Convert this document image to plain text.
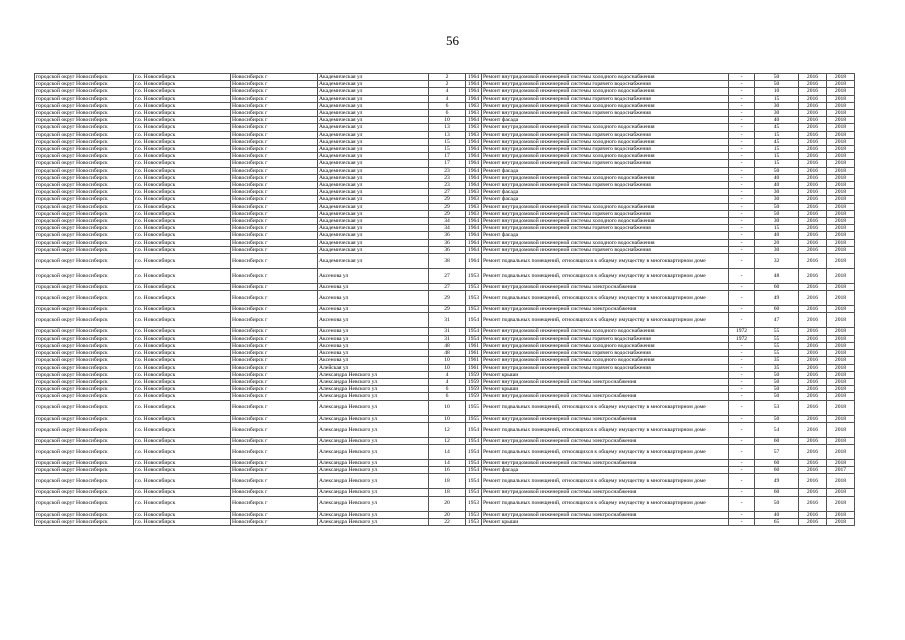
56
городской округ Новосибирск	г.о. Новосибирск	Новосибирск г	Академическая ул	2	1964	Ремонт внутридомовой инженерной системы холодного водоснабжения	-	50	2016	2018
городской округ Новосибирск	г.о. Новосибирск	Новосибирск г	Академическая ул	2	1964	Ремонт внутридомовой инженерной системы горячего водоснабжения	-	50	2016	2018
городской округ Новосибирск	г.о. Новосибирск	Новосибирск г	Академическая ул	4	1964	Ремонт внутридомовой инженерной системы холодного водоснабжения	-	10	2016	2018
городской округ Новосибирск	г.о. Новосибирск	Новосибирск г	Академическая ул	4	1964	Ремонт внутридомовой инженерной системы горячего водоснабжения	-	15	2016	2018
городской округ Новосибирск	г.о. Новосибирск	Новосибирск г	Академическая ул	6	1963	Ремонт внутридомовой инженерной системы холодного водоснабжения	-	30	2016	2018
городской округ Новосибирск	г.о. Новосибирск	Новосибирск г	Академическая ул	6	1963	Ремонт внутридомовой инженерной системы горячего водоснабжения	-	30	2016	2018
городской округ Новосибирск	г.о. Новосибирск	Новосибирск г	Академическая ул	10	1964	Ремонт фасада	-	40	2016	2018
городской округ Новосибирск	г.о. Новосибирск	Новосибирск г	Академическая ул	13	1963	Ремонт внутридомовой инженерной системы холодного водоснабжения	-	45	2016	2018
городской округ Новосибирск	г.о. Новосибирск	Новосибирск г	Академическая ул	13	1963	Ремонт внутридомовой инженерной системы горячего водоснабжения	-	15	2016	2018
городской округ Новосибирск	г.о. Новосибирск	Новосибирск г	Академическая ул	15	1964	Ремонт внутридомовой инженерной системы холодного водоснабжения	-	45	2016	2018
городской округ Новосибирск	г.о. Новосибирск	Новосибирск г	Академическая ул	15	1964	Ремонт внутридомовой инженерной системы горячего водоснабжения	-	15	2016	2018
городской округ Новосибирск	г.о. Новосибирск	Новосибирск г	Академическая ул	17	1964	Ремонт внутридомовой инженерной системы холодного водоснабжения	-	15	2016	2018
городской округ Новосибирск	г.о. Новосибирск	Новосибирск г	Академическая ул	17	1964	Ремонт внутридомовой инженерной системы горячего водоснабжения	-	15	2016	2018
городской округ Новосибирск	г.о. Новосибирск	Новосибирск г	Академическая ул	23	1964	Ремонт фасада	-	50	2016	2018
городской округ Новосибирск	г.о. Новосибирск	Новосибирск г	Академическая ул	23	1964	Ремонт внутридомовой инженерной системы холодного водоснабжения	-	40	2016	2018
городской округ Новосибирск	г.о. Новосибирск	Новосибирск г	Академическая ул	23	1964	Ремонт внутридомовой инженерной системы горячего водоснабжения	-	40	2016	2018
городской округ Новосибирск	г.о. Новосибирск	Новосибирск г	Академическая ул	27	1963	Ремонт фасада	-	30	2016	2018
городской округ Новосибирск	г.о. Новосибирск	Новосибирск г	Академическая ул	29	1963	Ремонт фасада	-	30	2016	2018
городской округ Новосибирск	г.о. Новосибирск	Новосибирск г	Академическая ул	29	1963	Ремонт внутридомовой инженерной системы холодного водоснабжения	-	50	2016	2018
городской округ Новосибирск	г.о. Новосибирск	Новосибирск г	Академическая ул	29	1963	Ремонт внутридомовой инженерной системы горячего водоснабжения	-	50	2016	2018
городской округ Новосибирск	г.о. Новосибирск	Новосибирск г	Академическая ул	34	1964	Ремонт внутридомовой инженерной системы холодного водоснабжения	-	30	2016	2018
городской округ Новосибирск	г.о. Новосибирск	Новосибирск г	Академическая ул	34	1964	Ремонт внутридомовой инженерной системы горячего водоснабжения	-	15	2016	2018
городской округ Новосибирск	г.о. Новосибирск	Новосибирск г	Академическая ул	36	1964	Ремонт фасада	-	40	2016	2018
городской округ Новосибирск	г.о. Новосибирск	Новосибирск г	Академическая ул	36	1964	Ремонт внутридомовой инженерной системы холодного водоснабжения	-	20	2016	2018
городской округ Новосибирск	г.о. Новосибирск	Новосибирск г	Академическая ул	36	1964	Ремонт внутридомовой инженерной системы горячего водоснабжения	-	30	2016	2018
городской округ Новосибирск	г.о. Новосибирск	Новосибирск г	Академическая ул	38	1964	Ремонт подвальных помещений, относящихся к общему имуществу в многоквартирном доме	-	32	2016	2018
городской округ Новосибирск	г.о. Новосибирск	Новосибирск г	Аксенова ул	27	1953	Ремонт подвальных помещений, относящихся к общему имуществу в многоквартирном доме	-	48	2016	2018
городской округ Новосибирск	г.о. Новосибирск	Новосибирск г	Аксенова ул	27	1953	Ремонт внутридомовой инженерной системы электроснабжения	-	60	2016	2018
городской округ Новосибирск	г.о. Новосибирск	Новосибирск г	Аксенова ул	29	1953	Ремонт подвальных помещений, относящихся к общему имуществу в многоквартирном доме	-	49	2016	2018
городской округ Новосибирск	г.о. Новосибирск	Новосибирск г	Аксенова ул	29	1953	Ремонт внутридомовой инженерной системы электроснабжения	-	60	2016	2018
городской округ Новосибирск	г.о. Новосибирск	Новосибирск г	Аксенова ул	31	1954	Ремонт подвальных помещений, относящихся к общему имуществу в многоквартирном доме	-	47	2016	2018
городской округ Новосибирск	г.о. Новосибирск	Новосибирск г	Аксенова ул	31	1954	Ремонт внутридомовой инженерной системы холодного водоснабжения	1972	55	2016	2018
городской округ Новосибирск	г.о. Новосибирск	Новосибирск г	Аксенова ул	31	1954	Ремонт внутридомовой инженерной системы горячего водоснабжения	1972	55	2016	2018
городской округ Новосибирск	г.о. Новосибирск	Новосибирск г	Аксенова ул	48	1961	Ремонт внутридомовой инженерной системы холодного водоснабжения	-	55	2016	2018
городской округ Новосибирск	г.о. Новосибирск	Новосибирск г	Аксенова ул	48	1961	Ремонт внутридомовой инженерной системы горячего водоснабжения	-	55	2016	2018
городской округ Новосибирск	г.о. Новосибирск	Новосибирск г	Аксенова ул	10	1961	Ремонт внутридомовой инженерной системы холодного водоснабжения	-	35	2016	2018
городской округ Новосибирск	г.о. Новосибирск	Новосибирск г	Алейская ул	10	1961	Ремонт внутридомовой инженерной системы горячего водоснабжения	-	35	2016	2018
городской округ Новосибирск	г.о. Новосибирск	Новосибирск г	Александра Невского ул	4	1959	Ремонт крыши	-	50	2016	2018
городской округ Новосибирск	г.о. Новосибирск	Новосибирск г	Александра Невского ул	4	1959	Ремонт внутридомовой инженерной системы электроснабжения	-	50	2016	2018
городской округ Новосибирск	г.о. Новосибирск	Новосибирск г	Александра Невского ул	6	1959	Ремонт крыши	-	50	2016	2018
городской округ Новосибирск	г.о. Новосибирск	Новосибирск г	Александра Невского ул	6	1959	Ремонт внутридомовой инженерной системы электроснабжения	-	50	2016	2018
городской округ Новосибирск	г.о. Новосибирск	Новосибирск г	Александра Невского ул	10	1955	Ремонт подвальных помещений, относящихся к общему имуществу в многоквартирном доме	-	53	2016	2018
городской округ Новосибирск	г.о. Новосибирск	Новосибирск г	Александра Невского ул	10	1955	Ремонт внутридомовой инженерной системы электроснабжения	-	50	2016	2018
городской округ Новосибирск	г.о. Новосибирск	Новосибирск г	Александра Невского ул	12	1954	Ремонт подвальных помещений, относящихся к общему имуществу в многоквартирном доме	-	54	2016	2018
городской округ Новосибирск	г.о. Новосибирск	Новосибирск г	Александра Невского ул	12	1954	Ремонт внутридомовой инженерной системы электроснабжения	-	60	2016	2018
городской округ Новосибирск	г.о. Новосибирск	Новосибирск г	Александра Невского ул	14	1954	Ремонт подвальных помещений, относящихся к общему имуществу в многоквартирном доме	-	57	2016	2018
городской округ Новосибирск	г.о. Новосибирск	Новосибирск г	Александра Невского ул	14	1954	Ремонт внутридомовой инженерной системы электроснабжения	-	60	2016	2018
городской округ Новосибирск	г.о. Новосибирск	Новосибирск г	Александра Невского ул	16	1954	Ремонт фасада	-	60	2016	2017
городской округ Новосибирск	г.о. Новосибирск	Новосибирск г	Александра Невского ул	18	1954	Ремонт подвальных помещений, относящихся к общему имуществу в многоквартирном доме	-	49	2016	2018
городской округ Новосибирск	г.о. Новосибирск	Новосибирск г	Александра Невского ул	18	1954	Ремонт внутридомовой инженерной системы электроснабжения	-	60	2016	2018
городской округ Новосибирск	г.о. Новосибирск	Новосибирск г	Александра Невского ул	20	1953	Ремонт подвальных помещений, относящихся к общему имуществу в многоквартирном доме	-	50	2016	2018
городской округ Новосибирск	г.о. Новосибирск	Новосибирск г	Александра Невского ул	20	1953	Ремонт внутридомовой инженерной системы электроснабжения	-	40	2016	2018
городской округ Новосибирск	г.о. Новосибирск	Новосибирск г	Александра Невского ул	22	1953	Ремонт крыши	-	65	2016	2018
